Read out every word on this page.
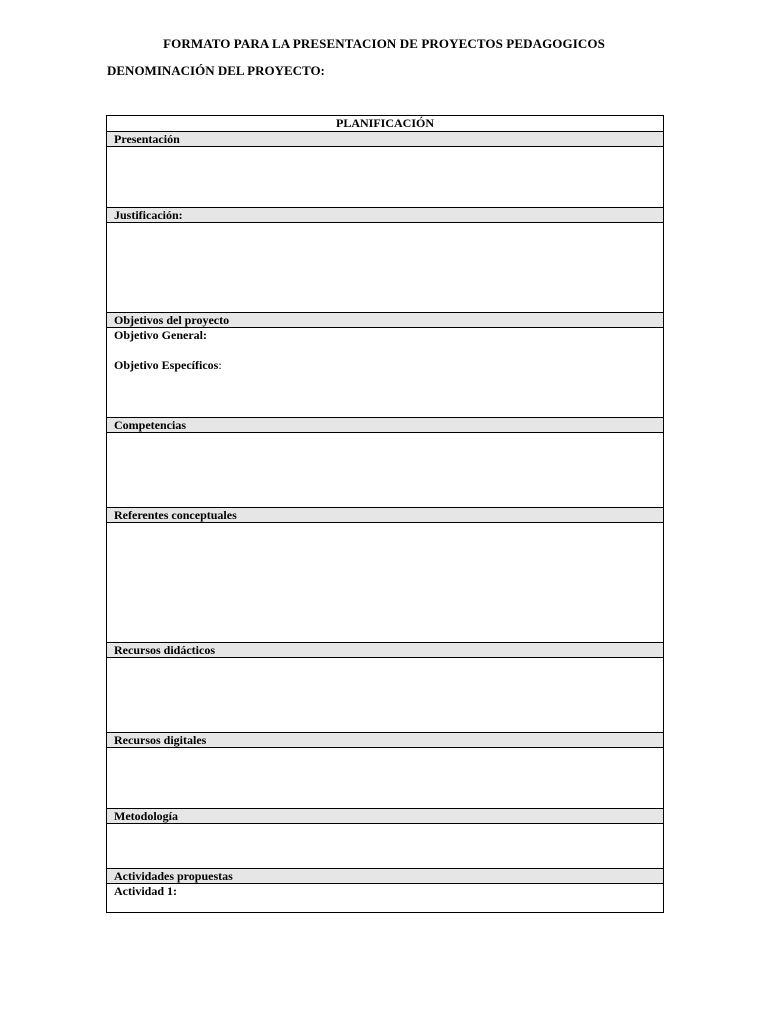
FORMATO PARA LA PRESENTACION DE PROYECTOS PEDAGOGICOS
DENOMINACIÓN DEL PROYECTO:
PLANIFICACIÓN
Presentación

Justificación:

Objetivos del proyecto

Objetivo General:
Objetivo Específicos:

Competencias

Referentes conceptuales

Recursos didácticos

Recursos digitales

Metodología

Actividades propuestas

Actividad 1:
